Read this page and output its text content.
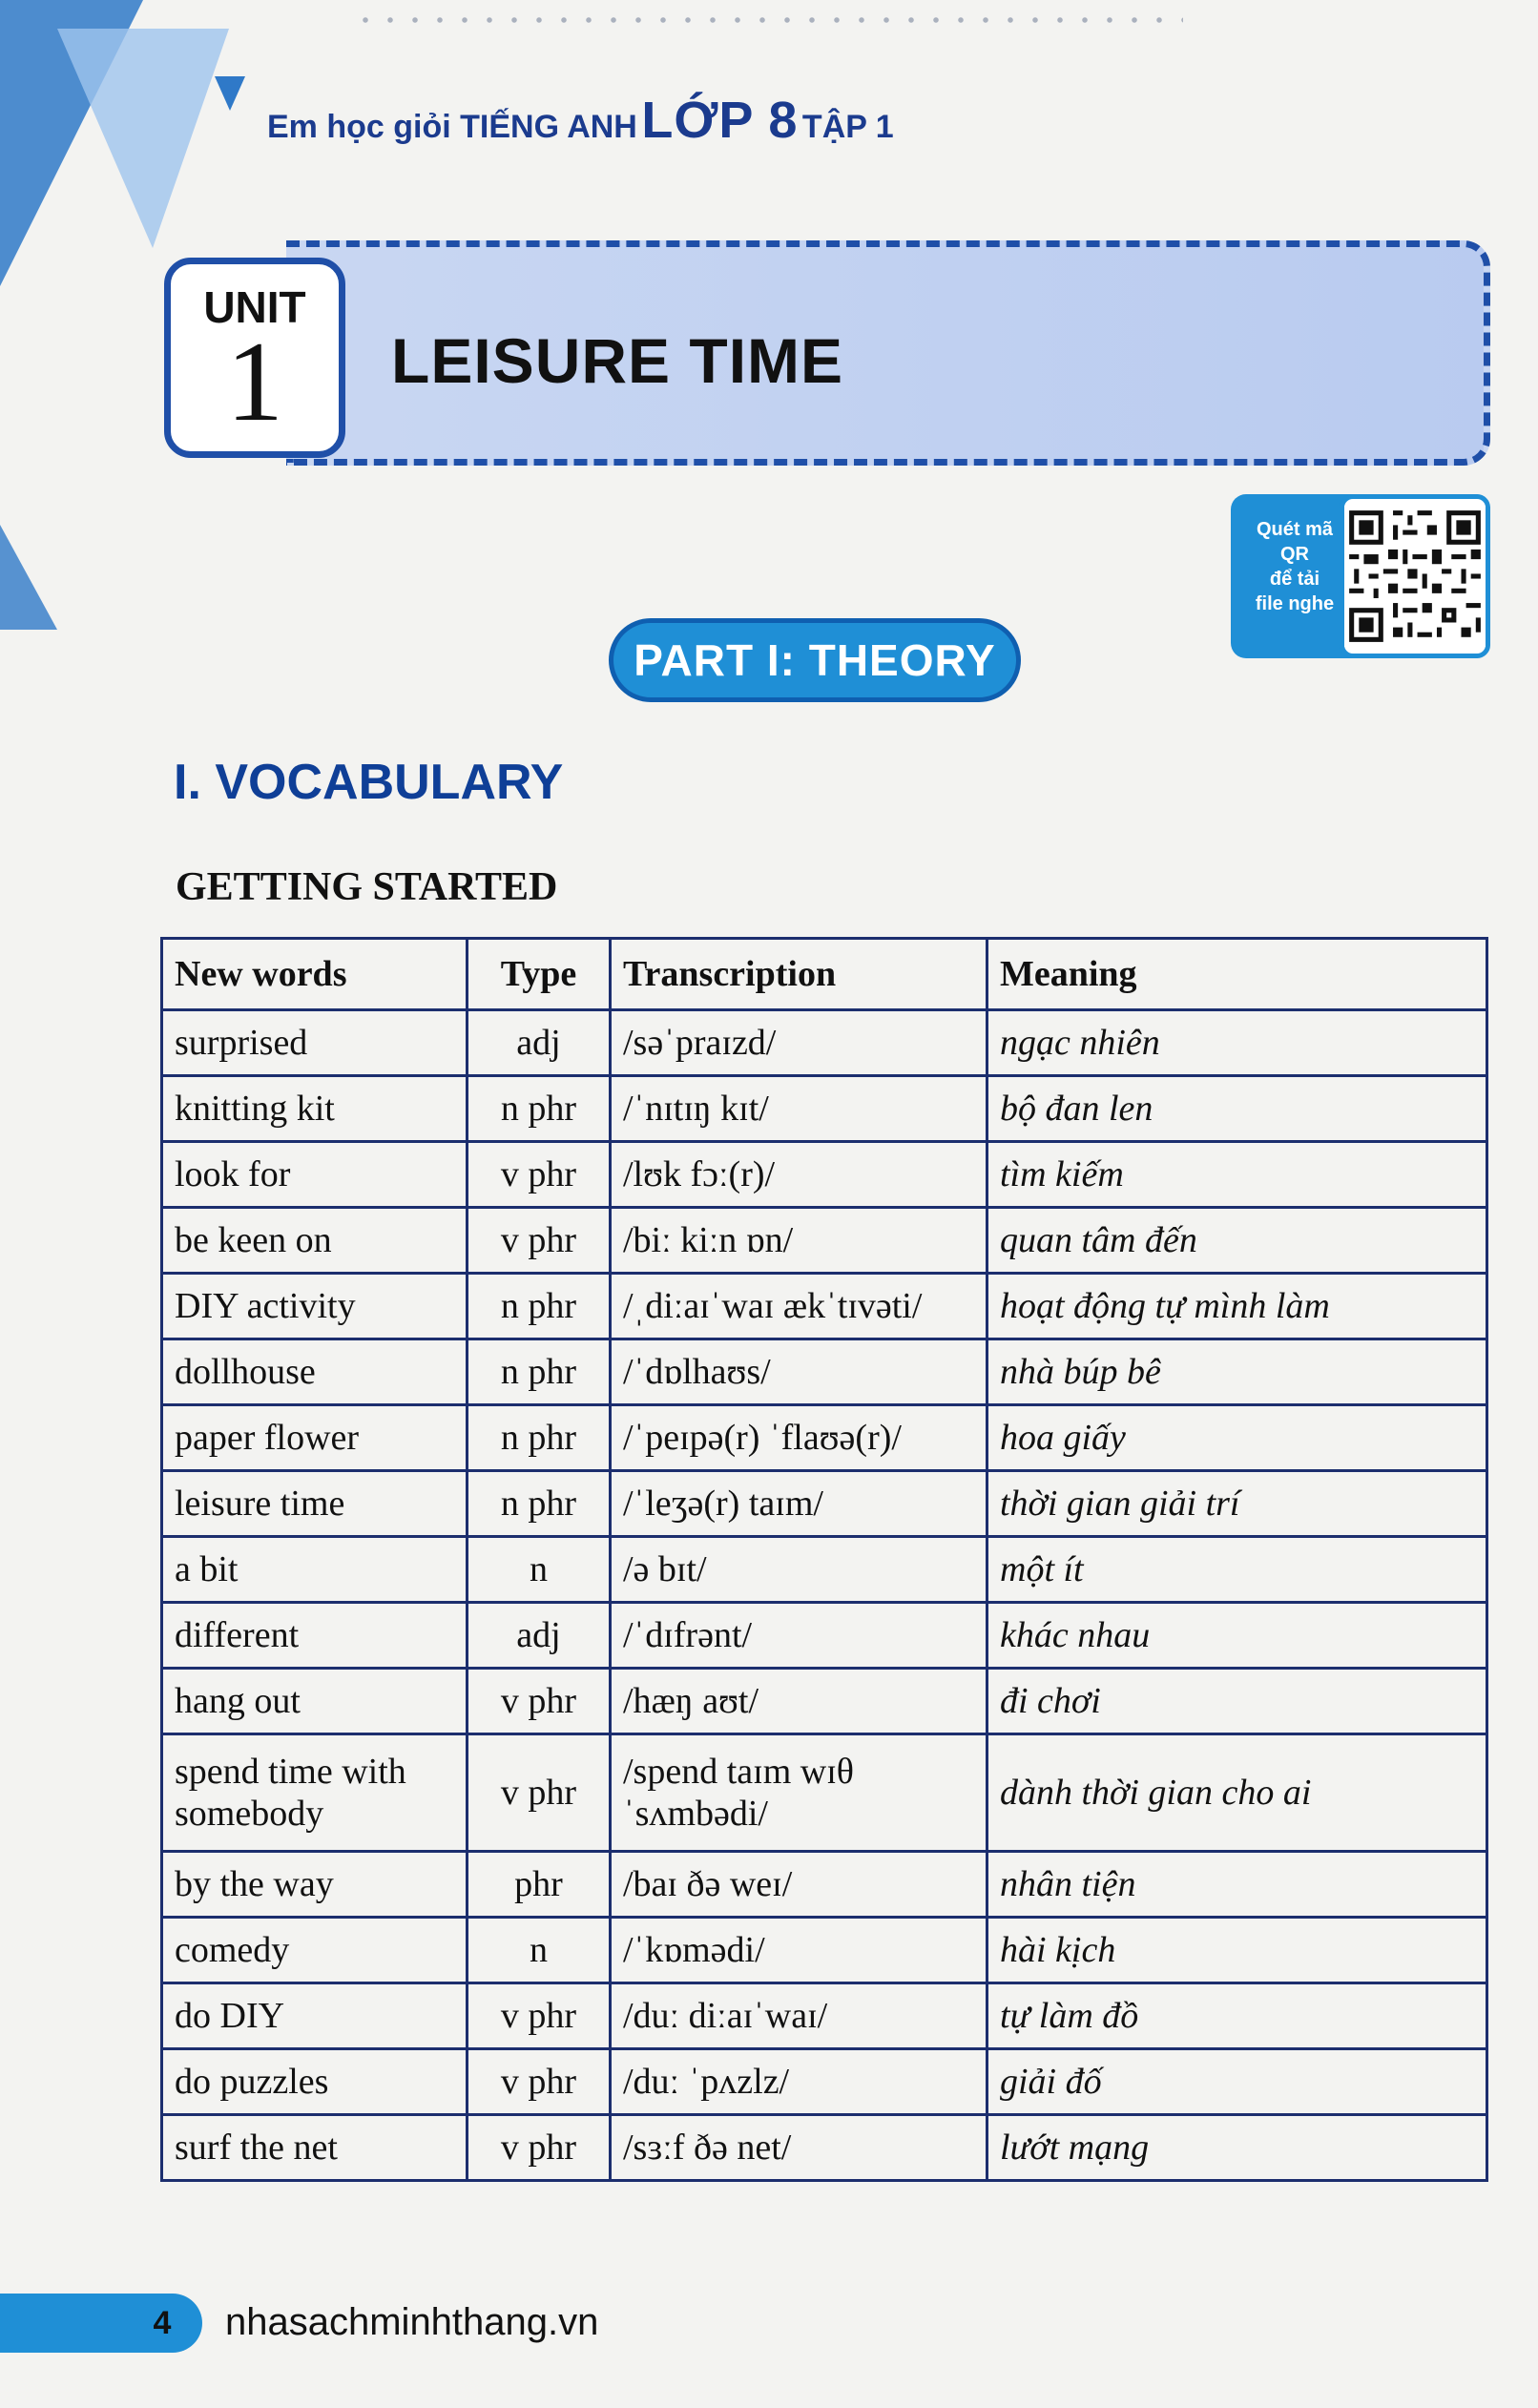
Em học giỏi TIẾNG ANH LỚP 8 TẬP 1
UNIT
1	LEISURE TIME
Quét mã
QR
để tải
file nghe
PART I: THEORY
I. VOCABULARY
GETTING STARTED
New words	Type	Transcription	Meaning
surprised	adj	/səˈpraɪzd/	ngạc nhiên
knitting kit	n phr	/ˈnɪtɪŋ kɪt/	bộ đan len
look for	v phr	/lʊk fɔː(r)/	tìm kiếm
be keen on	v phr	/biː kiːn ɒn/	quan tâm đến
DIY activity	n phr	/ˌdiːaɪˈwaɪ ækˈtɪvəti/	hoạt động tự mình làm
dollhouse	n phr	/ˈdɒlhaʊs/	nhà búp bê
paper flower	n phr	/ˈpeɪpə(r) ˈflaʊə(r)/	hoa giấy
leisure time	n phr	/ˈleʒə(r) taɪm/	thời gian giải trí
a bit	n	/ə bɪt/	một ít
different	adj	/ˈdɪfrənt/	khác nhau
hang out	v phr	/hæŋ aʊt/	đi chơi
spend time with somebody	v phr	/spend taɪm wɪθ ˈsʌmbədi/	dành thời gian cho ai
by the way	phr	/baɪ ðə weɪ/	nhân tiện
comedy	n	/ˈkɒmədi/	hài kịch
do DIY	v phr	/duː diːaɪˈwaɪ/	tự làm đồ
do puzzles	v phr	/duː ˈpʌzlz/	giải đố
surf the net	v phr	/sɜːf ðə net/	lướt mạng
4 nhasachminhthang.vn
